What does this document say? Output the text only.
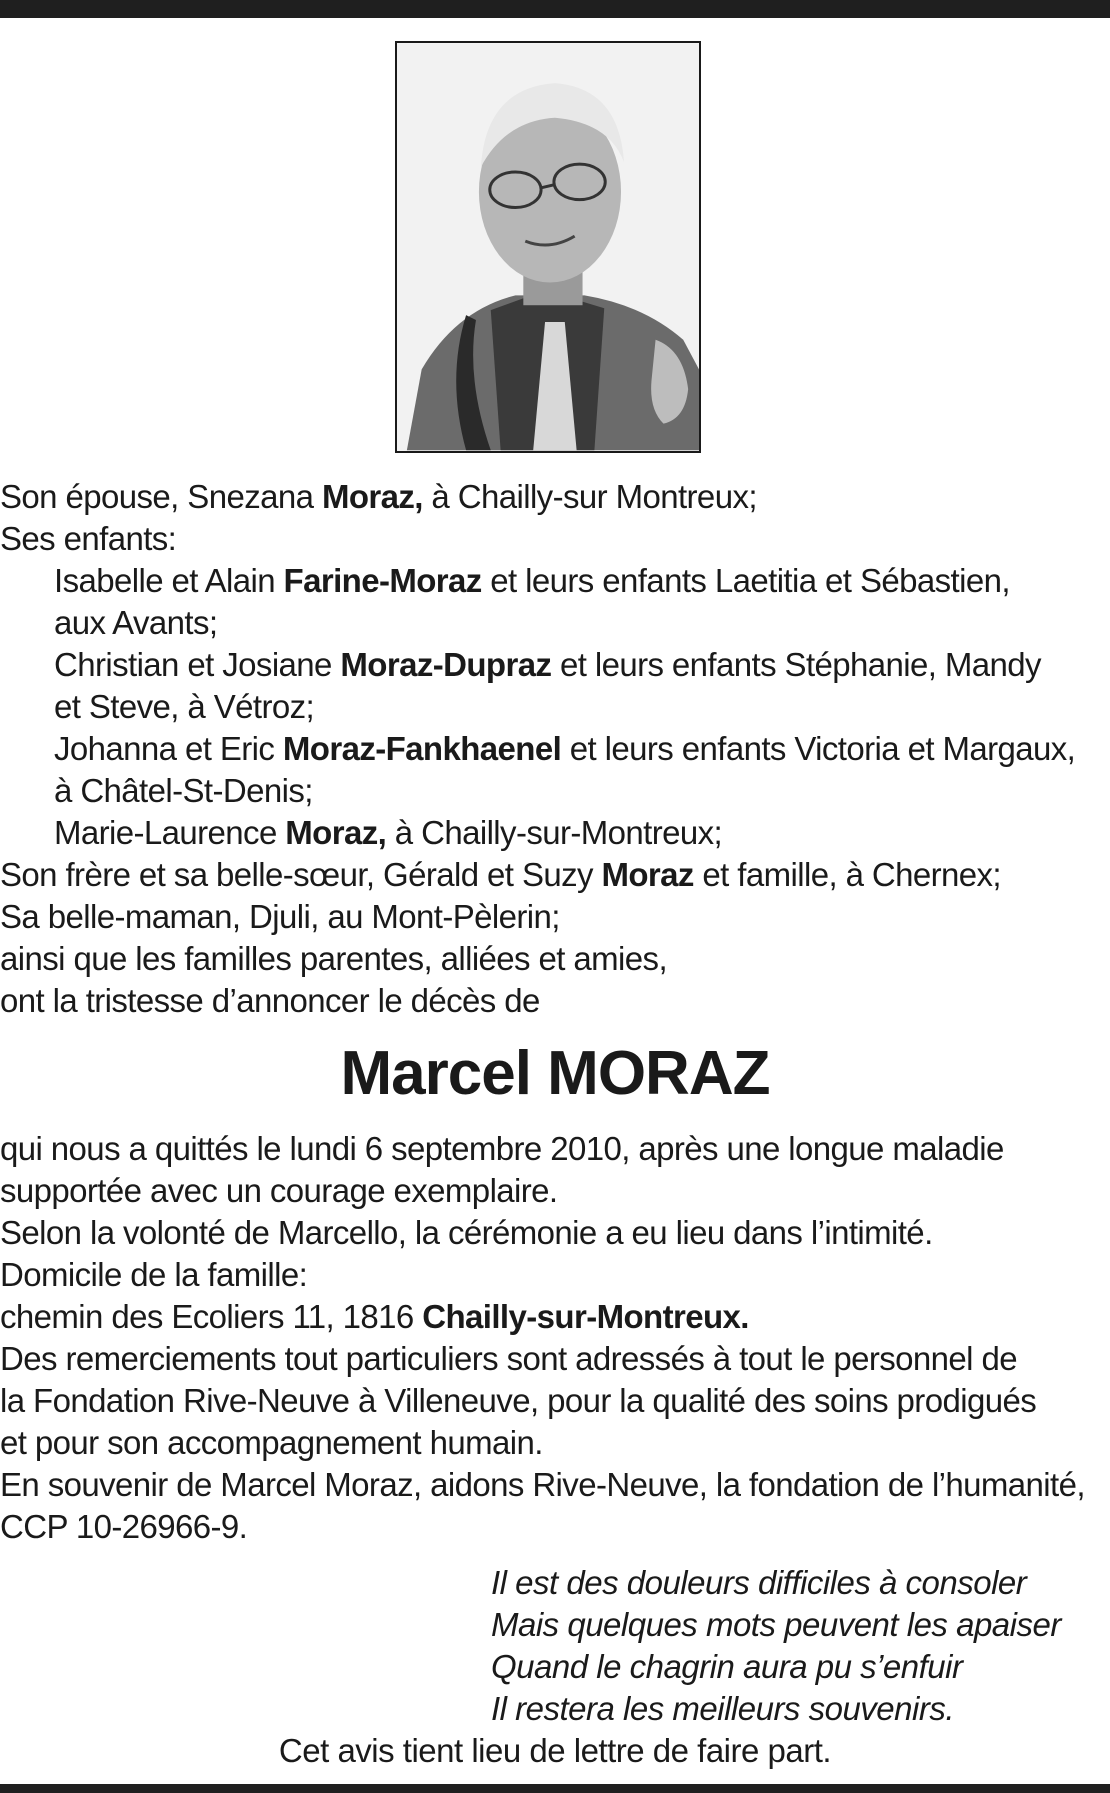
Son épouse, Snezana Moraz, à Chailly-sur Montreux;
Ses enfants:
Isabelle et Alain Farine-Moraz et leurs enfants Laetitia et Sébastien,
aux Avants;
Christian et Josiane Moraz-Dupraz et leurs enfants Stéphanie, Mandy
et Steve, à Vétroz;
Johanna et Eric Moraz-Fankhaenel et leurs enfants Victoria et Margaux,
à Châtel-St-Denis;
Marie-Laurence Moraz, à Chailly-sur-Montreux;
Son frère et sa belle-sœur, Gérald et Suzy Moraz et famille, à Chernex;
Sa belle-maman, Djuli, au Mont-Pèlerin;
ainsi que les familles parentes, alliées et amies,
ont la tristesse d’annoncer le décès de
Marcel MORAZ
qui nous a quittés le lundi 6 septembre 2010, après une longue maladie
supportée avec un courage exemplaire.
Selon la volonté de Marcello, la cérémonie a eu lieu dans l’intimité.
Domicile de la famille:
chemin des Ecoliers 11, 1816 Chailly-sur-Montreux.
Des remerciements tout particuliers sont adressés à tout le personnel de
la Fondation Rive-Neuve à Villeneuve, pour la qualité des soins prodigués
et pour son accompagnement humain.
En souvenir de Marcel Moraz, aidons Rive-Neuve, la fondation de l’humanité,
CCP 10-26966-9.
Il est des douleurs difficiles à consoler
Mais quelques mots peuvent les apaiser
Quand le chagrin aura pu s’enfuir
Il restera les meilleurs souvenirs.
Cet avis tient lieu de lettre de faire part.
